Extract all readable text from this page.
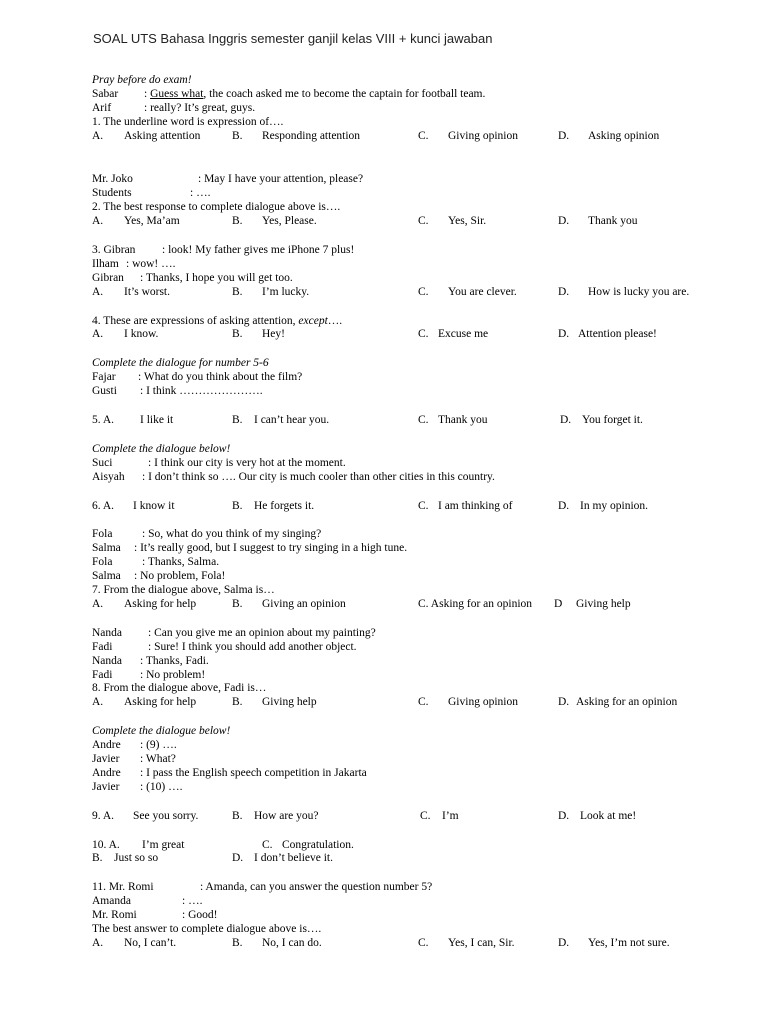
SOAL UTS Bahasa Inggris semester ganjil kelas VIII + kunci jawaban
Pray before do exam!
Sabar : Guess what, the coach asked me to become the captain for football team.
Arif	: really? It’s great, guys.
1. The underline word is expression of….
A. Asking attention	B. Responding attention	C. Giving opinion	D. Asking opinion
Mr. Joko	: May I have your attention, please?
Students	: ….
2. The best response to complete dialogue above is….
A. Yes, Ma’am	B. Yes, Please.	C. Yes, Sir.	D. Thank you
3. Gibran : look! My father gives me iPhone 7 plus!
Ilham : wow! ….
Gibran : Thanks, I hope you will get too.
A. It’s worst.	B. I’m lucky.	C. You are clever.	D. How is lucky you are.
4. These are expressions of asking attention, except….
A. I know.	B. Hey!	C. Excuse me	D. Attention please!
Complete the dialogue for number 5-6
Fajar : What do you think about the film?
Gusti : I think ………………….
5. A. I like it	B. I can’t hear you.	C. Thank you	D. You forget it.
Complete the dialogue below!
Suci	: I think our city is very hot at the moment.
Aisyah : I don’t think so …. Our city is much cooler than other cities in this country.
6. A. I know it	B. He forgets it.	C. I am thinking of	D. In my opinion.
Fola	: So, what do you think of my singing?
Salma : It’s really good, but I suggest to try singing in a high tune.
Fola	: Thanks, Salma.
Salma : No problem, Fola!
7. From the dialogue above, Salma is…
A. Asking for help	B. Giving an opinion	C. Asking for an opinion D Giving help
Nanda : Can you give me an opinion about my painting?
Fadi	: Sure! I think you should add another object.
Nanda : Thanks, Fadi.
Fadi : No problem!
8. From the dialogue above, Fadi is…
A. Asking for help	B. Giving help	C. Giving opinion	D. Asking for an opinion
Complete the dialogue below!
Andre : (9) ….
Javier : What?
Andre : I pass the English speech competition in Jakarta
Javier : (10) ….
9. A. See you sorry.	B. How are you?	C. I’m	D. Look at me!
10. A. I’m great	C. Congratulation.
B. Just so so	D. I don’t believe it.
11. Mr. Romi	: Amanda, can you answer the question number 5?
Amanda	: ….
Mr. Romi	: Good!
The best answer to complete dialogue above is….
A. No, I can’t.	B. No, I can do.	C. Yes, I can, Sir.	D. Yes, I’m not sure.
